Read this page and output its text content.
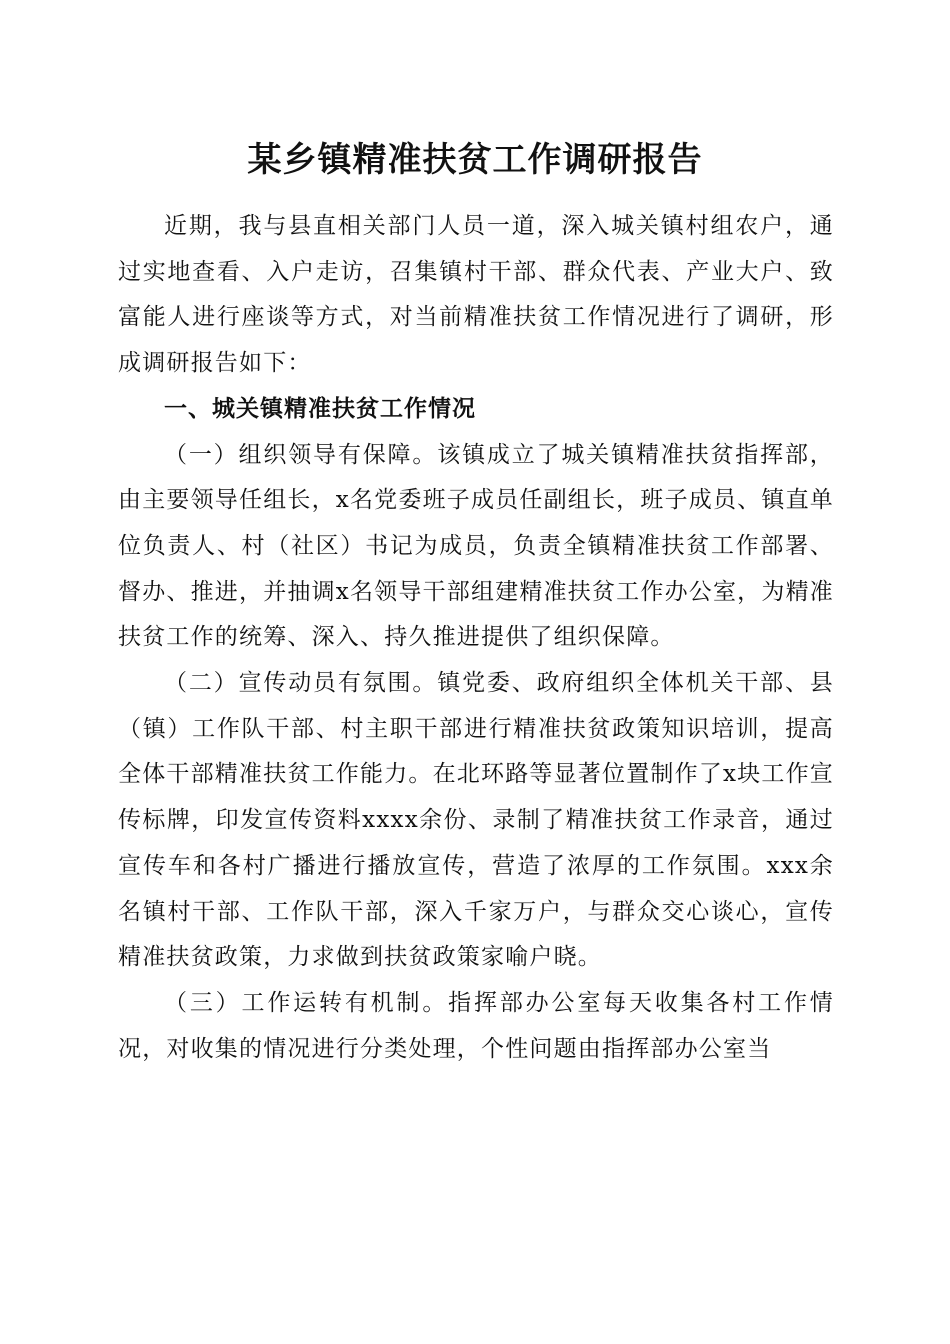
某乡镇精准扶贫工作调研报告

近期，我与县直相关部门人员一道，深入城关镇村组农户，通过实地查看、入户走访，召集镇村干部、群众代表、产业大户、致富能人进行座谈等方式，对当前精准扶贫工作情况进行了调研，形成调研报告如下：

一、城关镇精准扶贫工作情况

（一）组织领导有保障。该镇成立了城关镇精准扶贫指挥部，由主要领导任组长，x名党委班子成员任副组长，班子成员、镇直单位负责人、村（社区）书记为成员，负责全镇精准扶贫工作部署、督办、推进，并抽调x名领导干部组建精准扶贫工作办公室，为精准扶贫工作的统筹、深入、持久推进提供了组织保障。

（二）宣传动员有氛围。镇党委、政府组织全体机关干部、县（镇）工作队干部、村主职干部进行精准扶贫政策知识培训，提高全体干部精准扶贫工作能力。在北环路等显著位置制作了x块工作宣传标牌，印发宣传资料xxxx余份、录制了精准扶贫工作录音，通过宣传车和各村广播进行播放宣传，营造了浓厚的工作氛围。xxx余名镇村干部、工作队干部，深入千家万户，与群众交心谈心，宣传精准扶贫政策，力求做到扶贫政策家喻户晓。

（三）工作运转有机制。指挥部办公室每天收集各村工作情况，对收集的情况进行分类处理，个性问题由指挥部办公室当
